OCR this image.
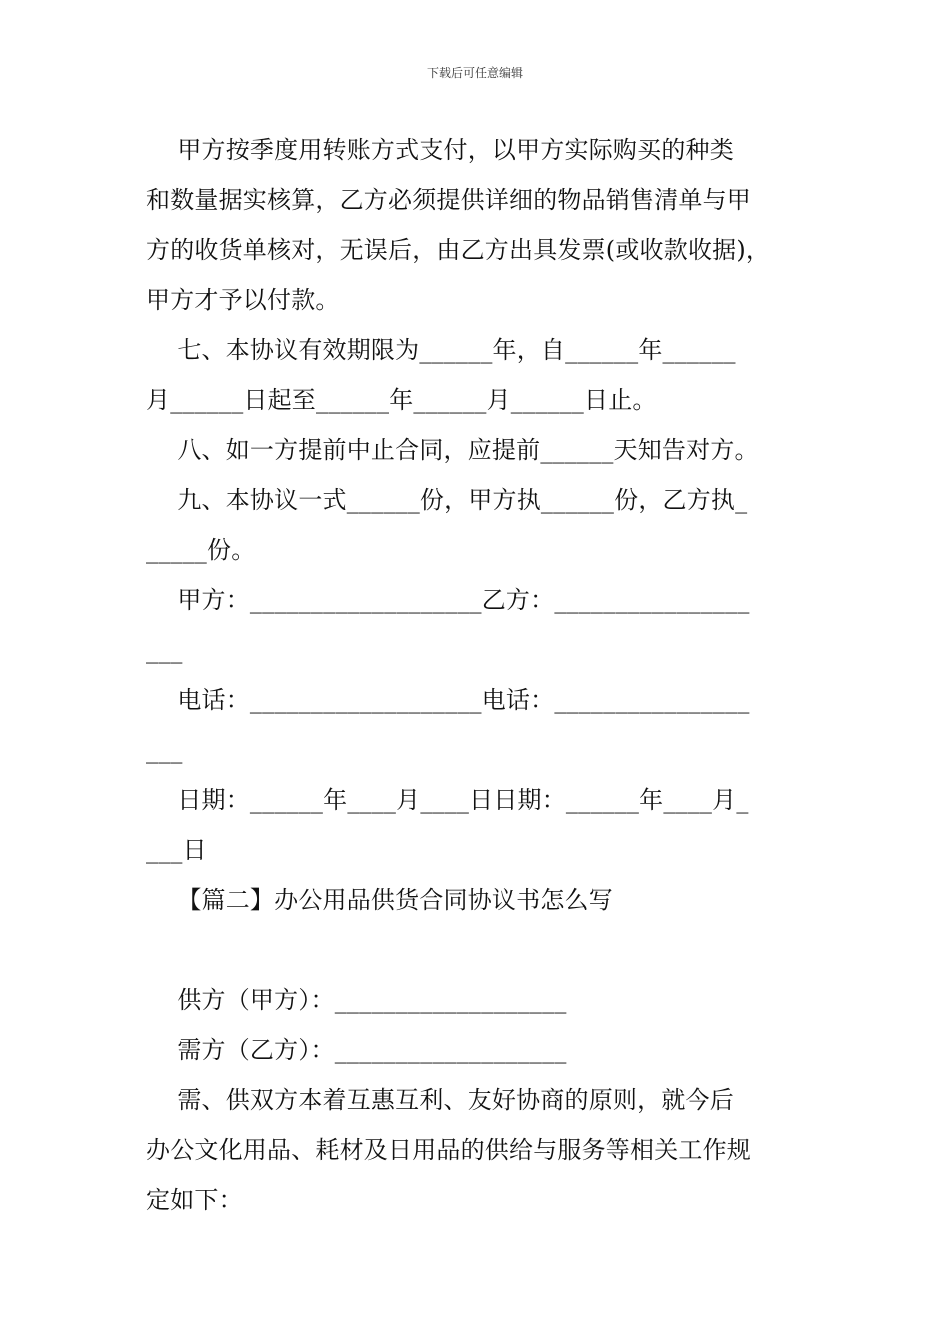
下载后可任意编辑
甲方按季度用转账方式支付，以甲方实际购买的种类
和数量据实核算，乙方必须提供详细的物品销售清单与甲
方的收货单核对，无误后，由乙方出具发票(或收款收据)，
甲方才予以付款。
七、本协议有效期限为______年，自______年______
月______日起至______年______月______日止。
八、如一方提前中止合同，应提前______天知告对方。
九、本协议一式______份，甲方执______份，乙方执_
_____份。
甲方：___________________乙方：________________
___
电话：___________________电话：________________
___
日期：______年____月____日日期：______年____月_
___日
【篇二】办公用品供货合同协议书怎么写
供方（甲方）：___________________
需方（乙方）：___________________
需、供双方本着互惠互利、友好协商的原则，就今后
办公文化用品、耗材及日用品的供给与服务等相关工作规
定如下：
